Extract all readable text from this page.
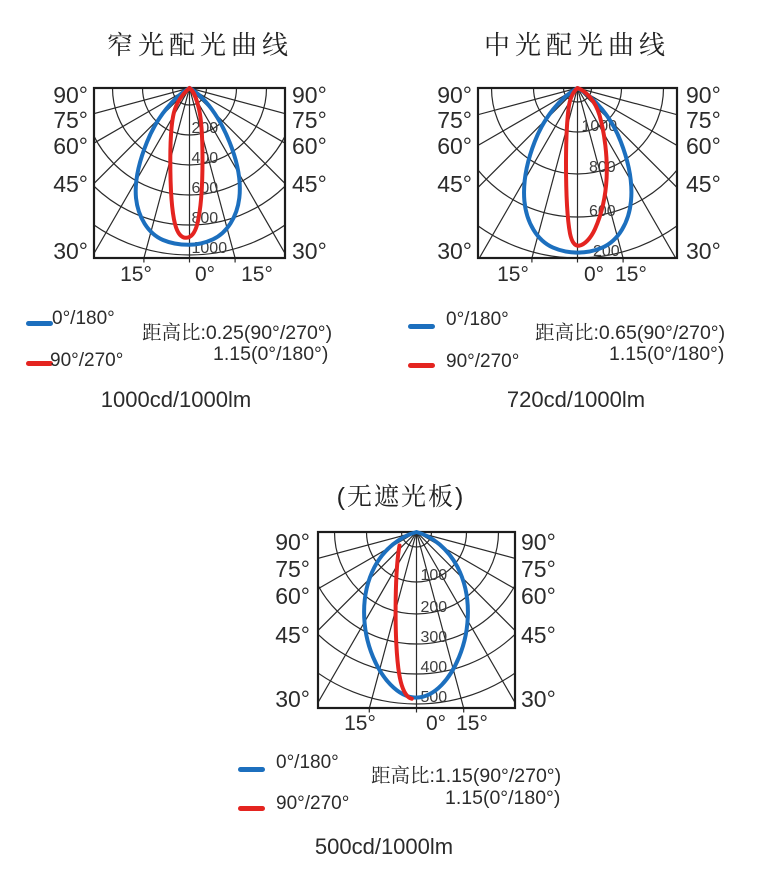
200
400
600
800
1000
1000
800
600
200
100
200
300
400
500
窄光配光曲线
90°
75°
60°
45°
30°
90°
75°
60°
45°
30°
15°	0°	15°
0°/180°
距高比:0.25(90°/270°)
90°/270°	1.15(0°/180°)
1000cd/1000lm
中光配光曲线
90°
75°
60°
45°
30°
90°
75°
60°
45°
30°
15°	0° 15°
0°/180°
距高比:0.65(90°/270°)
90°/270°	1.15(0°/180°)
720cd/1000lm
(无遮光板)
90°
75°
60°
45°
30°
90°
75°
60°
45°
30°
15°	0° 15°
0°/180°
距高比:1.15(90°/270°)
90°/270°	1.15(0°/180°)
500cd/1000lm
